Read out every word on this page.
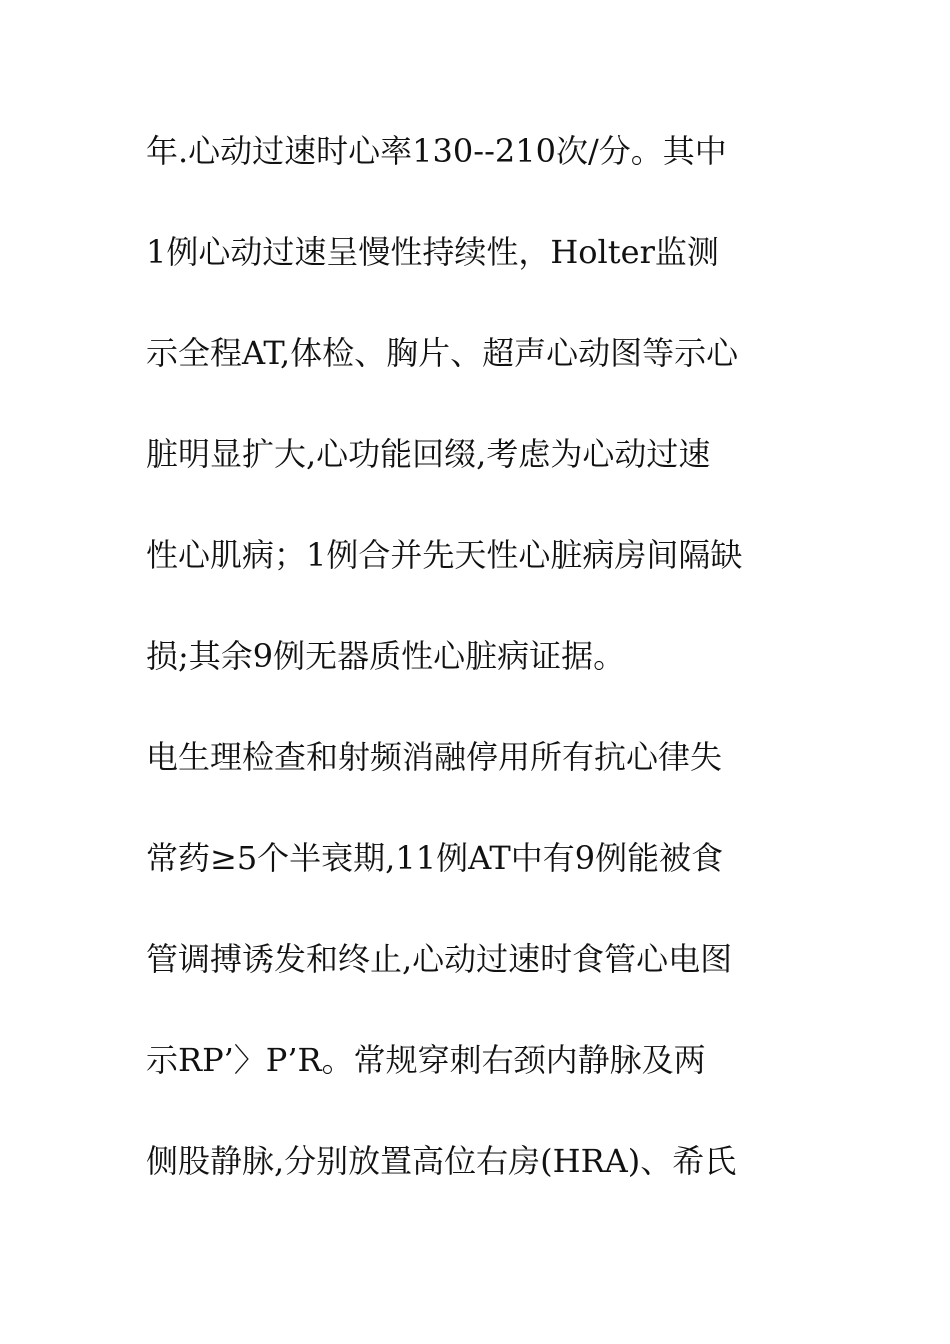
年.心动过速时心率130--210次/分。其中
1例心动过速呈慢性持续性，Holter监测
示全程AT,体检、胸片、超声心动图等示心
脏明显扩大,心功能回缀,考虑为心动过速
性心肌病；1例合并先天性心脏病房间隔缺
损;其余9例无器质性心脏病证据。
电生理检查和射频消融停用所有抗心律失
常药≥5个半衰期,11例AT中有9例能被食
管调搏诱发和终止,心动过速时食管心电图
示RP’〉P’R。常规穿刺右颈内静脉及两
侧股静脉,分别放置高位右房(HRA)、希氏
